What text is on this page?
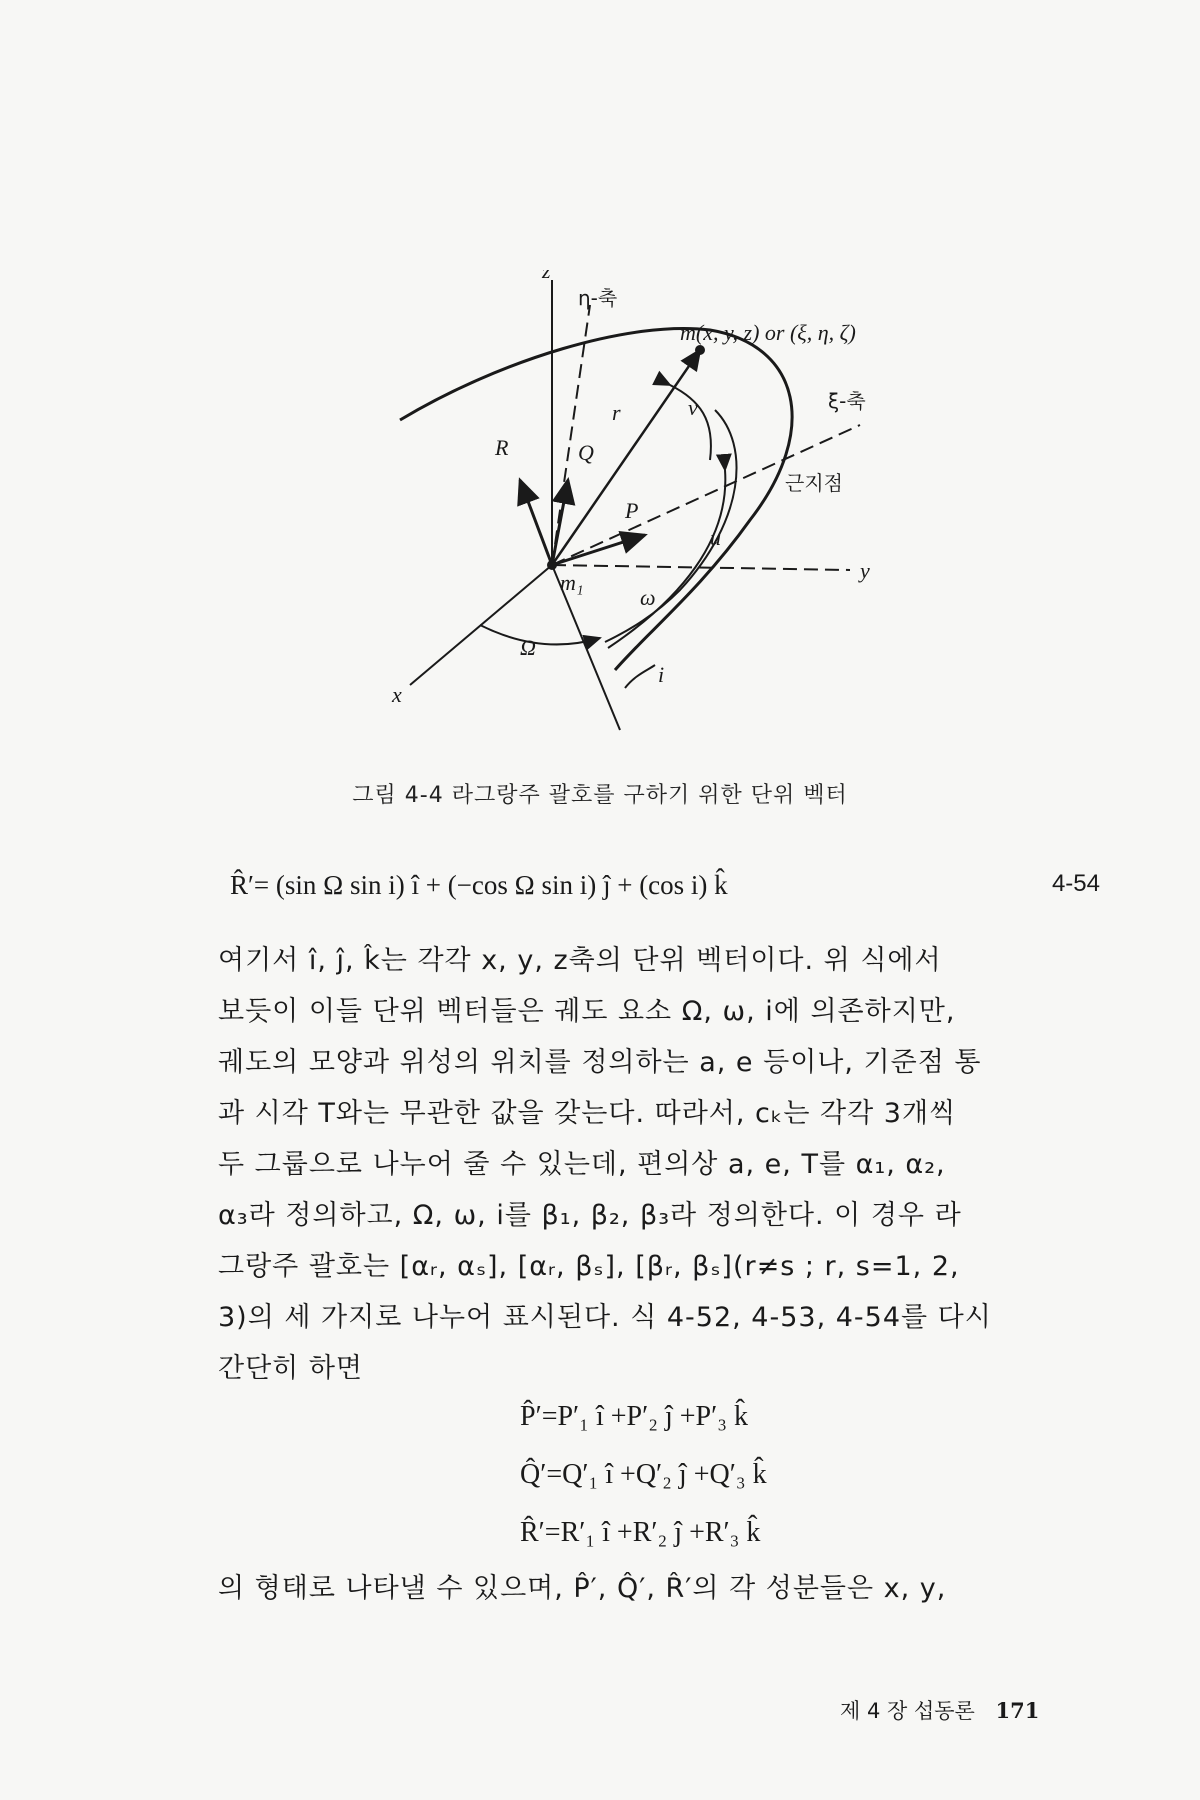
z
η-축
m(x, y, z) or (ξ, η, ζ)
ξ-축
R	Q
r	ν
P
근지점
u
y
m₁
ω
Ω
x
i
그림 4-4 라그랑주 괄호를 구하기 위한 단위 벡터
R̂′= (sin Ω sin i) î + (−cos Ω sin i) ĵ + (cos i) k̂	4-54

여기서 î, ĵ, k̂는 각각 x, y, z축의 단위 벡터이다. 위 식에서

보듯이 이들 단위 벡터들은 궤도 요소 Ω, ω, i에 의존하지만,

궤도의 모양과 위성의 위치를 정의하는 a, e 등이나, 기준점 통

과 시각 T와는 무관한 값을 갖는다. 따라서, cₖ는 각각 3개씩

두 그룹으로 나누어 줄 수 있는데, 편의상 a, e, T를 α₁, α₂,

α₃라 정의하고, Ω, ω, i를 β₁, β₂, β₃라 정의한다. 이 경우 라

그랑주 괄호는 [αᵣ, αₛ], [αᵣ, βₛ], [βᵣ, βₛ](r≠s ; r, s=1, 2,

3)의 세 가지로 나누어 표시된다. 식 4-52, 4-53, 4-54를 다시

간단히 하면

P̂′=P′₁ î +P′₂ ĵ +P′₃ k̂
Q̂′=Q′₁ î +Q′₂ ĵ +Q′₃ k̂
R̂′=R′₁ î +R′₂ ĵ +R′₃ k̂
의 형태로 나타낼 수 있으며, P̂′, Q̂′, R̂′의 각 성분들은 x, y,
제 4 장 섭동론 171
